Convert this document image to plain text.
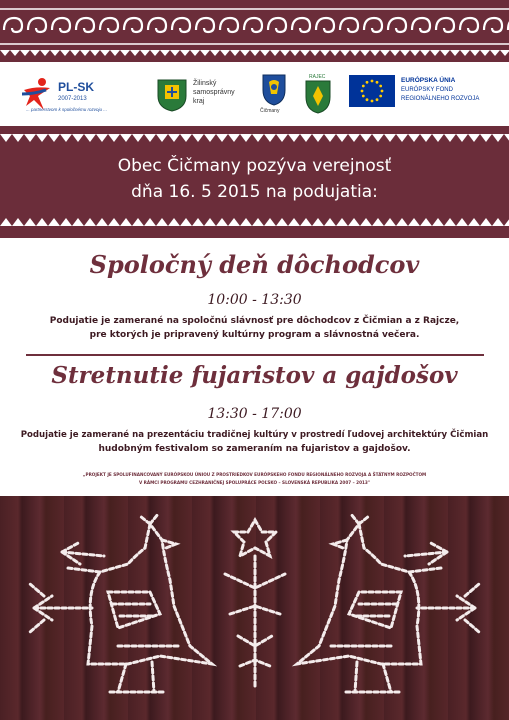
PL-SK
2007-2013
... partnerstvom k spoločnému rozvoju ...
Žilinský
samosprávny
kraj
Čičmany
RAJEC	EURÓPSKA ÚNIA
EURÓPSKY FOND
REGIONÁLNEHO ROZVOJA
Obec Čičmany pozýva verejnosť
dňa 16. 5 2015 na podujatia:
Spoločný deň dôchodcov
10:00 - 13:30
Podujatie je zamerané na spoločnú slávnosť pre dôchodcov z Čičmian a z Rajcze,
pre ktorých je pripravený kultúrny program a slávnostná večera.
Stretnutie fujaristov a gajdošov
13:30 - 17:00
Podujatie je zamerané na prezentáciu tradičnej kultúry v prostredí ľudovej architektúry Čičmian
hudobným festivalom so zameraním na fujaristov a gajdošov.
„PROJEKT JE SPOLUFINANCOVANÝ EURÓPSKOU ÚNIOU Z PROSTRIEDKOV EURÓPSKEHO FONDU REGIONÁLNEHO ROZVOJA A ŠTÁTNYM ROZPOČTOM
V RÁMCI PROGRAMU CEZHRANIČNEJ SPOLUPRÁCE POĽSKO – SLOVENSKÁ REPUBLIKA 2007 – 2013"
